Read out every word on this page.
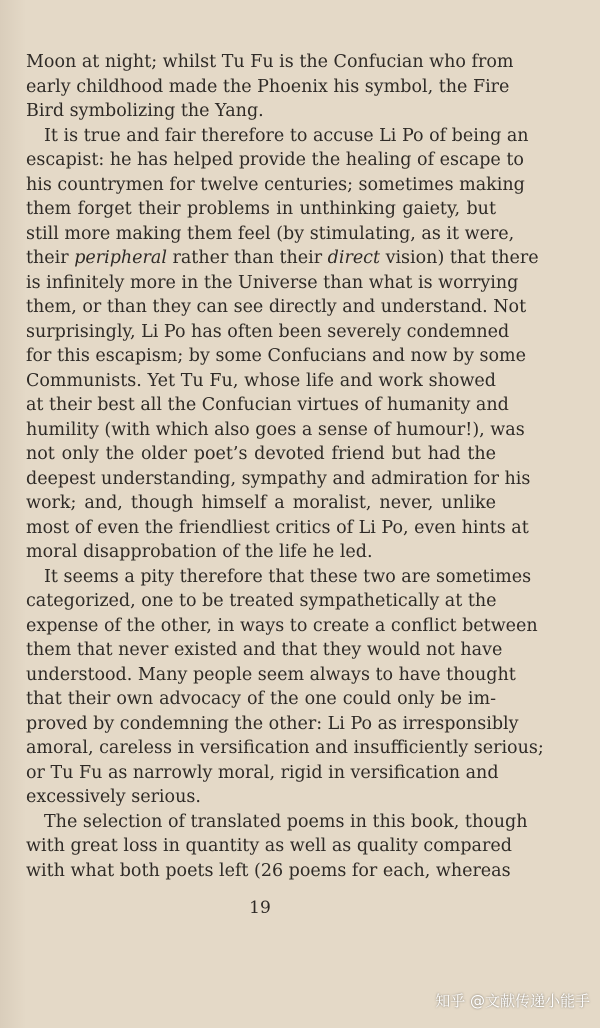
Moon at night; whilst Tu Fu is the Confucian who from
early childhood made the Phoenix his symbol, the Fire
Bird symbolizing the Yang.
It is true and fair therefore to accuse Li Po of being an
escapist: he has helped provide the healing of escape to
his countrymen for twelve centuries; sometimes making
them forget their problems in unthinking gaiety, but
still more making them feel (by stimulating, as it were,
their peripheral rather than their direct vision) that there
is infinitely more in the Universe than what is worrying
them, or than they can see directly and understand. Not
surprisingly, Li Po has often been severely condemned
for this escapism; by some Confucians and now by some
Communists. Yet Tu Fu, whose life and work showed
at their best all the Confucian virtues of humanity and
humility (with which also goes a sense of humour!), was
not only the older poet’s devoted friend but had the
deepest understanding, sympathy and admiration for his
work; and, though himself a moralist, never, unlike
most of even the friendliest critics of Li Po, even hints at
moral disapprobation of the life he led.
It seems a pity therefore that these two are sometimes
categorized, one to be treated sympathetically at the
expense of the other, in ways to create a conflict between
them that never existed and that they would not have
understood. Many people seem always to have thought
that their own advocacy of the one could only be im-
proved by condemning the other: Li Po as irresponsibly
amoral, careless in versification and insufficiently serious;
or Tu Fu as narrowly moral, rigid in versification and
excessively serious.
The selection of translated poems in this book, though
with great loss in quantity as well as quality compared
with what both poets left (26 poems for each, whereas
19
知乎 @文献传递小能手
